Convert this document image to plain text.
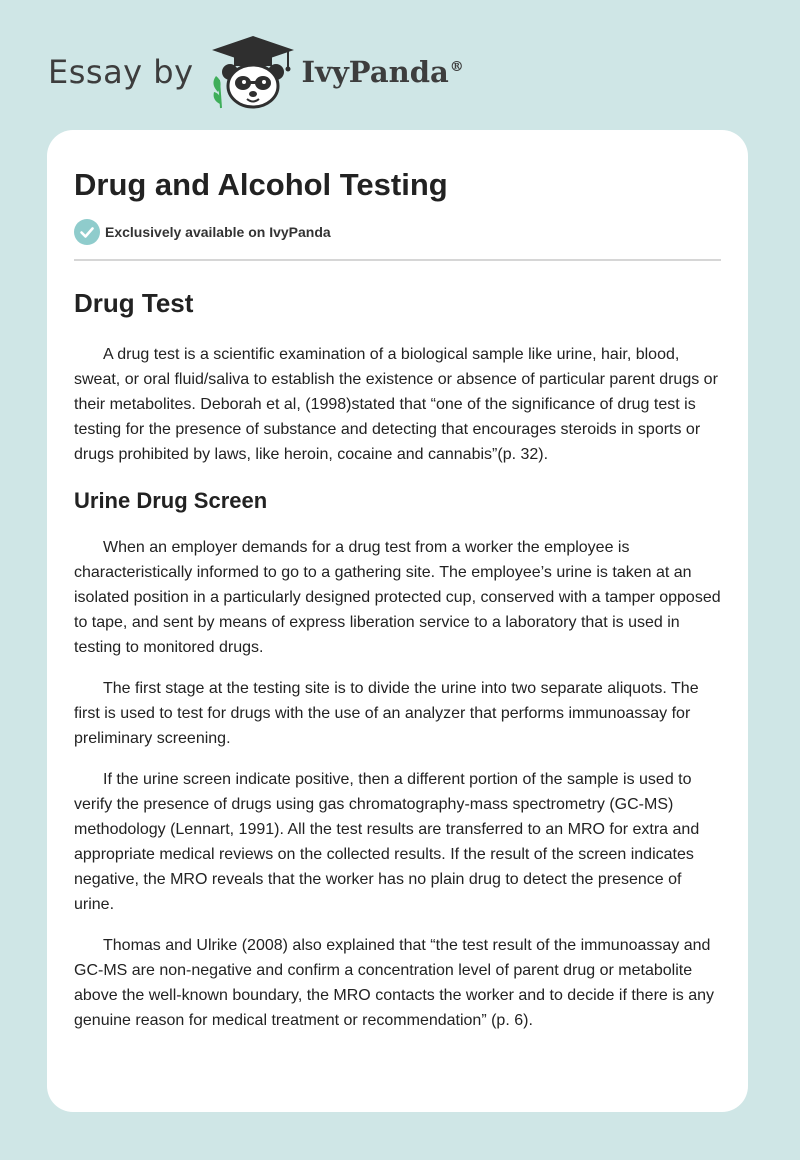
Essay by	IvyPanda®
Drug and Alcohol Testing
Exclusively available on IvyPanda
Drug Test

A drug test is a scientific examination of a biological sample like urine, hair, blood, sweat, or oral fluid/saliva to establish the existence or absence of particular parent drugs or their metabolites. Deborah et al, (1998)stated that “one of the significance of drug test is testing for the presence of substance and detecting that encourages steroids in sports or drugs prohibited by laws, like heroin, cocaine and cannabis”(p. 32).

Urine Drug Screen

When an employer demands for a drug test from a worker the employee is characteristically informed to go to a gathering site. The employee’s urine is taken at an isolated position in a particularly designed protected cup, conserved with a tamper opposed to tape, and sent by means of express liberation service to a laboratory that is used in testing to monitored drugs.

The first stage at the testing site is to divide the urine into two separate aliquots. The first is used to test for drugs with the use of an analyzer that performs immunoassay for preliminary screening.

If the urine screen indicate positive, then a different portion of the sample is used to verify the presence of drugs using gas chromatography-mass spectrometry (GC-MS) methodology (Lennart, 1991). All the test results are transferred to an MRO for extra and appropriate medical reviews on the collected results. If the result of the screen indicates negative, the MRO reveals that the worker has no plain drug to detect the presence of urine.

Thomas and Ulrike (2008) also explained that “the test result of the immunoassay and GC-MS are non-negative and confirm a concentration level of parent drug or metabolite above the well-known boundary, the MRO contacts the worker and to decide if there is any genuine reason for medical treatment or recommendation” (p. 6).
